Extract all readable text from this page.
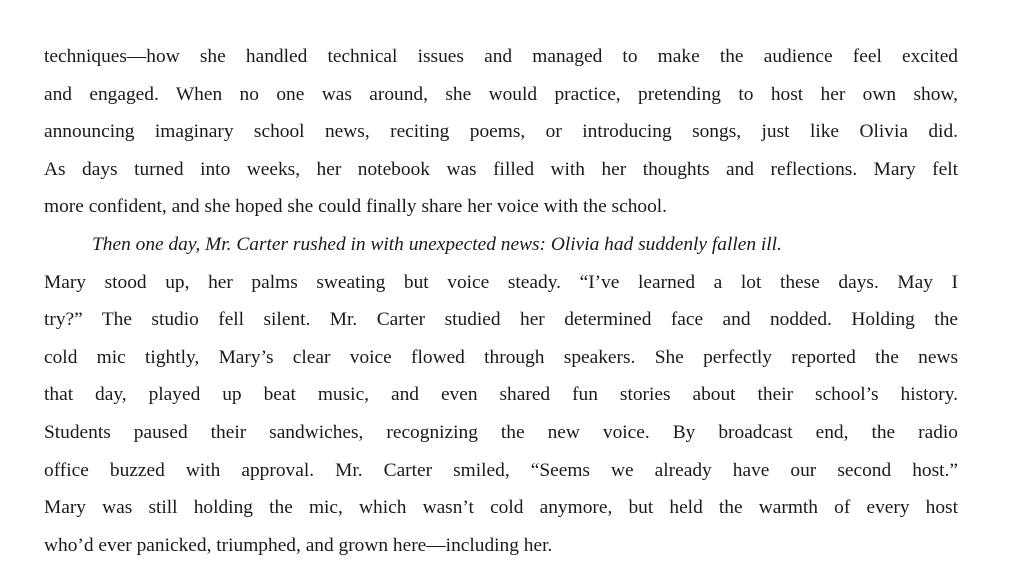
techniques—how she handled technical issues and managed to make the audience feel excited
and engaged. When no one was around, she would practice, pretending to host her own show,
announcing imaginary school news, reciting poems, or introducing songs, just like Olivia did.
As days turned into weeks, her notebook was filled with her thoughts and reflections. Mary felt
more confident, and she hoped she could finally share her voice with the school.
Then one day, Mr. Carter rushed in with unexpected news: Olivia had suddenly fallen ill.
Mary stood up, her palms sweating but voice steady. “I’ve learned a lot these days. May I
try?” The studio fell silent. Mr. Carter studied her determined face and nodded. Holding the
cold mic tightly, Mary’s clear voice flowed through speakers. She perfectly reported the news
that day, played up beat music, and even shared fun stories about their school’s history.
Students paused their sandwiches, recognizing the new voice. By broadcast end, the radio
office buzzed with approval. Mr. Carter smiled, “Seems we already have our second host.”
Mary was still holding the mic, which wasn’t cold anymore, but held the warmth of every host
who’d ever panicked, triumphed, and grown here—including her.
